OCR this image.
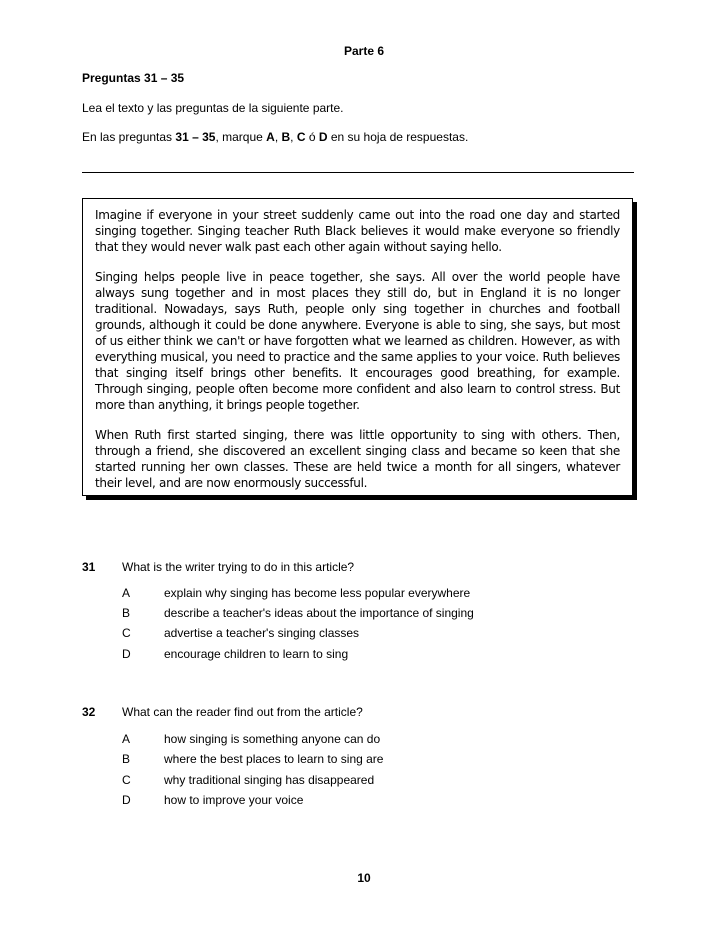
Parte 6
Preguntas 31 – 35
Lea el texto y las preguntas de la siguiente parte.
En las preguntas 31 – 35, marque A, B, C ó D en su hoja de respuestas.

Imagine if everyone in your street suddenly came out into the road one day and started singing together. Singing teacher Ruth Black believes it would make everyone so friendly that they would never walk past each other again without saying hello.

Singing helps people live in peace together, she says. All over the world people have always sung together and in most places they still do, but in England it is no longer traditional. Nowadays, says Ruth, people only sing together in churches and football grounds, although it could be done anywhere. Everyone is able to sing, she says, but most of us either think we can't or have forgotten what we learned as children. However, as with everything musical, you need to practice and the same applies to your voice. Ruth believes that singing itself brings other benefits. It encourages good breathing, for example. Through singing, people often become more confident and also learn to control stress. But more than anything, it brings people together.

When Ruth first started singing, there was little opportunity to sing with others. Then, through a friend, she discovered an excellent singing class and became so keen that she started running her own classes. These are held twice a month for all singers, whatever their level, and are now enormously successful.

31 What is the writer trying to do in this article?
A	explain why singing has become less popular everywhere
B	describe a teacher's ideas about the importance of singing
C	advertise a teacher's singing classes
D	encourage children to learn to sing
32 What can the reader find out from the article?
A	how singing is something anyone can do
B	where the best places to learn to sing are
C	why traditional singing has disappeared
D	how to improve your voice
10
